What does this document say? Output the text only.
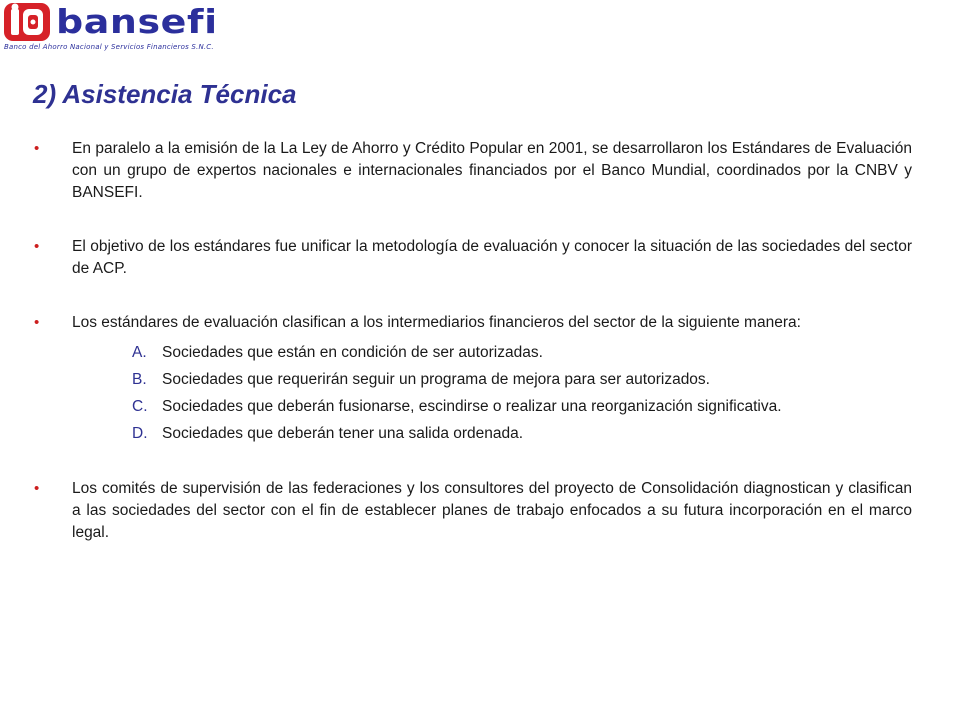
bansefi
Banco del Ahorro Nacional y Servicios Financieros S.N.C.
2) Asistencia Técnica
• En paralelo a la emisión de la La Ley de Ahorro y Crédito Popular en 2001, se desarrollaron los Estándares de Evaluación con un grupo de expertos nacionales e internacionales financiados por el Banco Mundial, coordinados por la CNBV y BANSEFI.
• El objetivo de los estándares fue unificar la metodología de evaluación y conocer la situación de las sociedades del sector de ACP.
• Los estándares de evaluación clasifican a los intermediarios financieros del sector de la siguiente manera:
A. Sociedades que están en condición de ser autorizadas.
B. Sociedades que requerirán seguir un programa de mejora para ser autorizados.
C. Sociedades que deberán fusionarse, escindirse o realizar una reorganización significativa.
D. Sociedades que deberán tener una salida ordenada.
• Los comités de supervisión de las federaciones y los consultores del proyecto de Consolidación diagnostican y clasifican a las sociedades del sector con el fin de establecer planes de trabajo enfocados a su futura incorporación en el marco legal.
